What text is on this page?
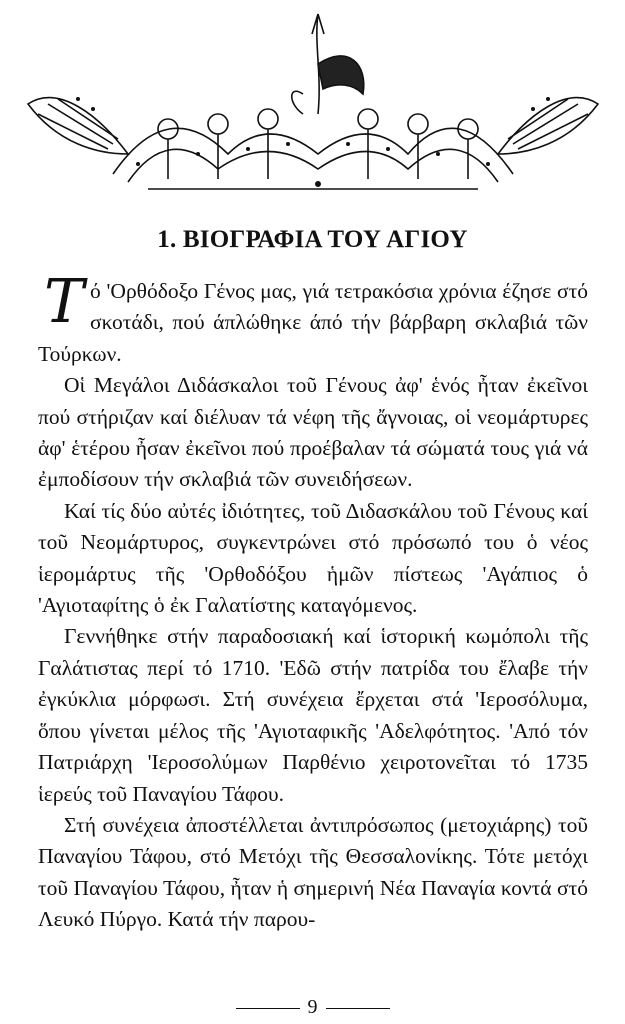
1. ΒΙΟΓΡΑΦΙΑ ΤΟΥ ΑΓΙΟΥ

Τό 'Ορθόδοξο Γένος μας, γιά τετρακόσια χρόνια έζησε στό σκοτάδι, πού άπλώθηκε άπό τήν βάρβαρη σκλαβιά τῶν Τούρκων.

Οἱ Μεγάλοι Διδάσκαλοι τοῦ Γένους ἀφ' ἑνός ἦταν ἐκεῖνοι πού στήριζαν καί διέλυαν τά νέφη τῆς ἄγνοιας, οἱ νεομάρτυρες ἀφ' ἑτέρου ἦσαν ἐκεῖνοι πού προέβαλαν τά σώματά τους γιά νά ἐμποδίσουν τήν σκλαβιά τῶν συνειδήσεων.

Καί τίς δύο αὐτές ἰδιότητες, τοῦ Διδασκάλου τοῦ Γένους καί τοῦ Νεομάρτυρος, συγκεντρώνει στό πρόσωπό του ὁ νέος ἱερομάρτυς τῆς 'Ορθοδόξου ἡμῶν πίστεως 'Αγάπιος ὁ 'Αγιοταφίτης ὁ ἐκ Γαλατίστης καταγόμενος.

Γεννήθηκε στήν παραδοσιακή καί ἱστορική κωμόπολι τῆς Γαλάτιστας περί τό 1710. 'Εδῶ στήν πατρίδα του ἔλαβε τήν ἐγκύκλια μόρφωσι. Στή συνέχεια ἔρχεται στά 'Ιεροσόλυμα, ὅπου γίνεται μέλος τῆς 'Αγιοταφικῆς 'Αδελφότητος. 'Από τόν Πατριάρχη 'Ιεροσολύμων Παρθένιο χειροτονεῖται τό 1735 ἱερεύς τοῦ Παναγίου Τάφου.

Στή συνέχεια ἀποστέλλεται ἀντιπρόσωπος (μετοχιάρης) τοῦ Παναγίου Τάφου, στό Μετόχι τῆς Θεσσαλονίκης. Τότε μετόχι τοῦ Παναγίου Τάφου, ἦταν ἡ σημερινή Νέα Παναγία κοντά στό Λευκό Πύργο. Κατά τήν παρου-

9
